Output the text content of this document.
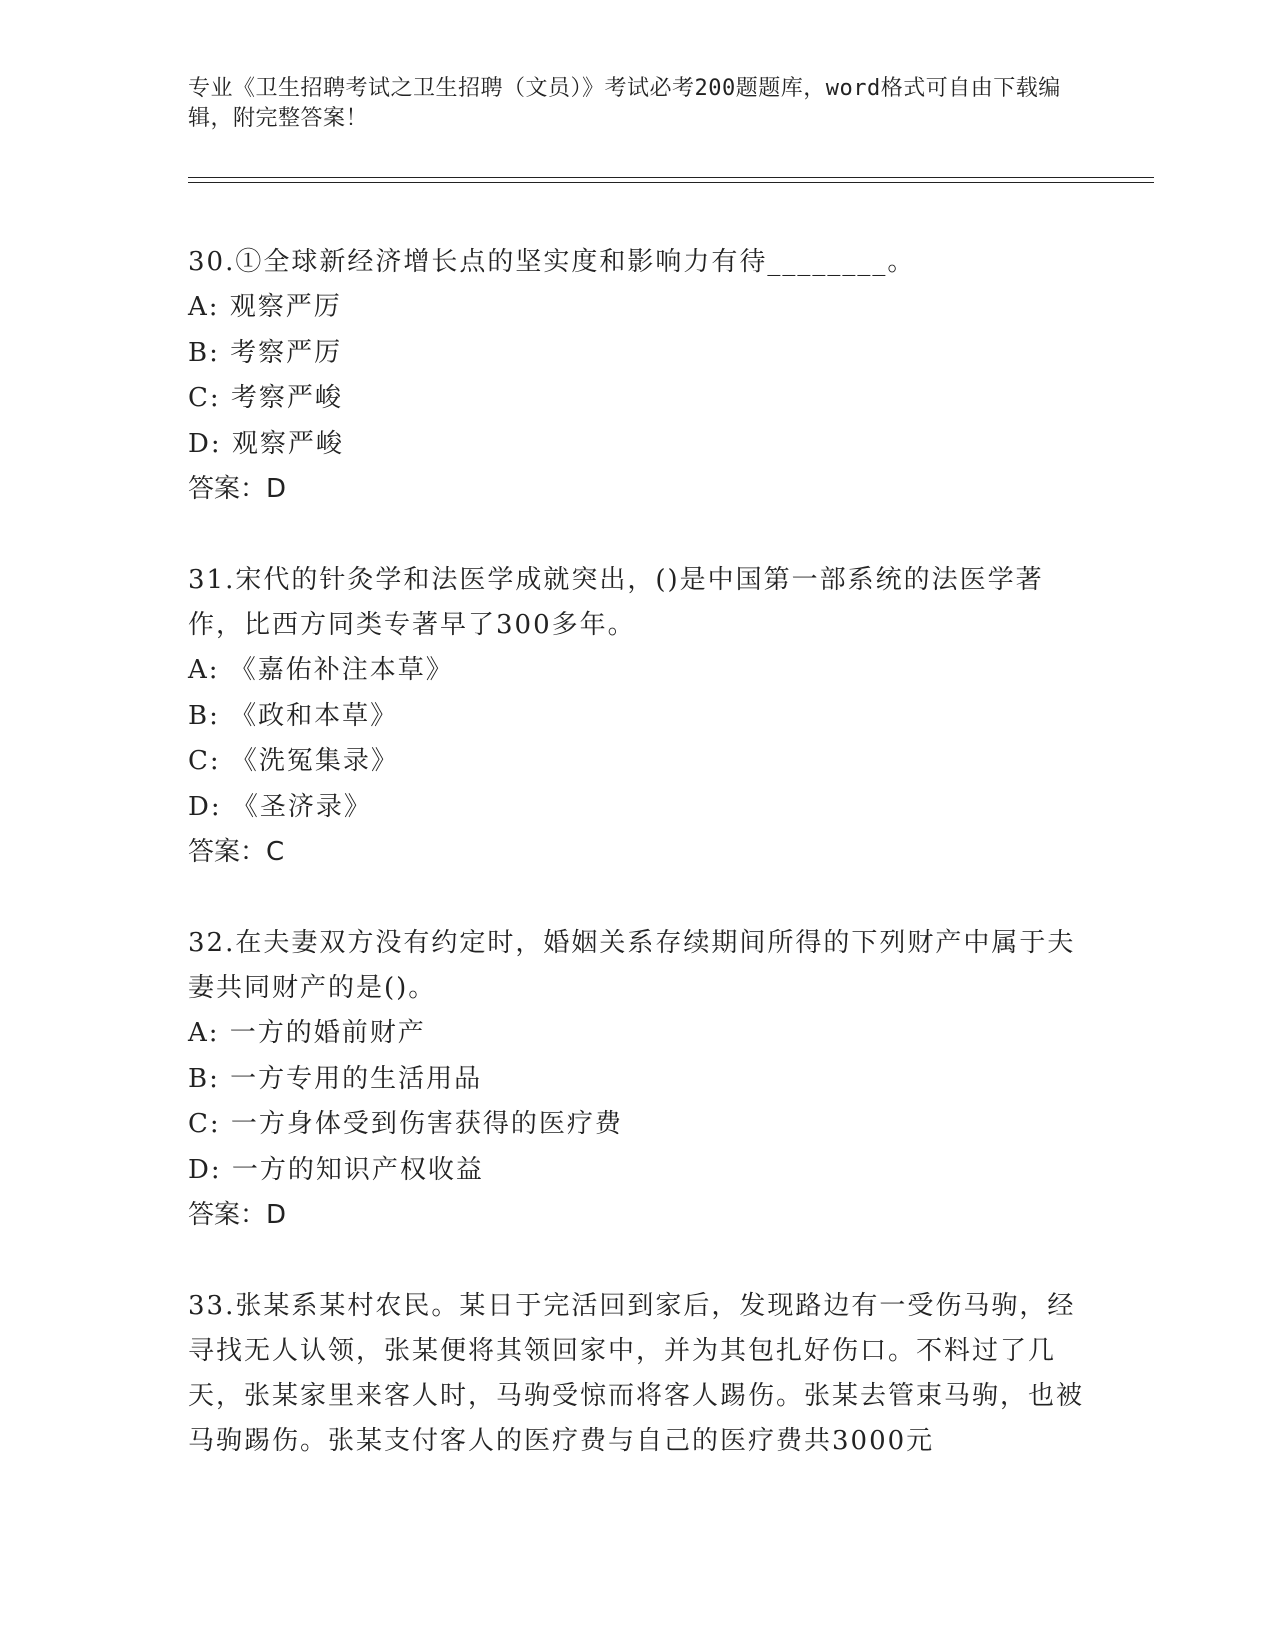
专业《卫生招聘考试之卫生招聘（文员）》考试必考200题题库，word格式可自由下载编辑，附完整答案！
30.①全球新经济增长点的坚实度和影响力有待________。
A: 观察严厉
B: 考察严厉
C: 考察严峻
D: 观察严峻
答案：D
31.宋代的针灸学和法医学成就突出，()是中国第一部系统的法医学著作，比西方同类专著早了300多年。
A: 《嘉佑补注本草》
B: 《政和本草》
C: 《洗冤集录》
D: 《圣济录》
答案：C
32.在夫妻双方没有约定时，婚姻关系存续期间所得的下列财产中属于夫妻共同财产的是()。
A: 一方的婚前财产
B: 一方专用的生活用品
C: 一方身体受到伤害获得的医疗费
D: 一方的知识产权收益
答案：D
33.张某系某村农民。某日于完活回到家后，发现路边有一受伤马驹，经寻找无人认领，张某便将其领回家中，并为其包扎好伤口。不料过了几天，张某家里来客人时，马驹受惊而将客人踢伤。张某去管束马驹，也被马驹踢伤。张某支付客人的医疗费与自己的医疗费共3000元
